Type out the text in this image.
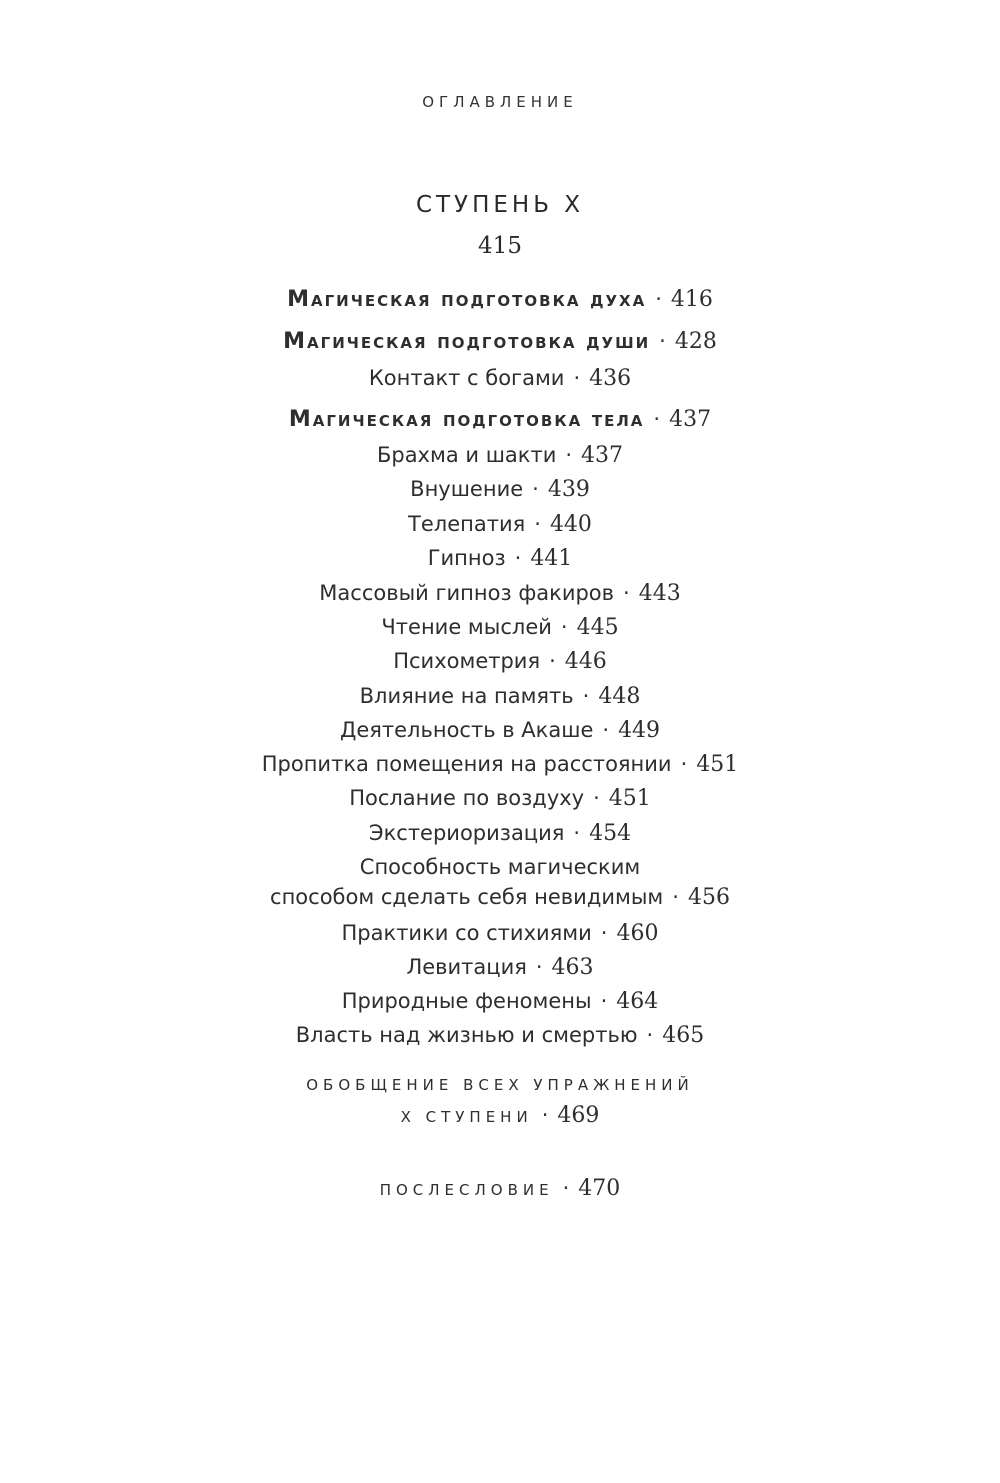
ОГЛАВЛЕНИЕ
СТУПЕНЬ X
415
Магическая подготовка духа · 416
Магическая подготовка души · 428
Контакт с богами · 436
Магическая подготовка тела · 437
Брахма и шакти · 437
Внушение · 439
Телепатия · 440
Гипноз · 441
Массовый гипноз факиров · 443
Чтение мыслей · 445
Психометрия · 446
Влияние на память · 448
Деятельность в Акаше · 449
Пропитка помещения на расстоянии · 451
Послание по воздуху · 451
Экстериоризация · 454
Способность магическим
способом сделать себя невидимым · 456
Практики со стихиями · 460
Левитация · 463
Природные феномены · 464
Власть над жизнью и смертью · 465
ОБОБЩЕНИЕ ВСЕХ УПРАЖНЕНИЙ
X СТУПЕНИ · 469
ПОСЛЕСЛОВИЕ · 470
